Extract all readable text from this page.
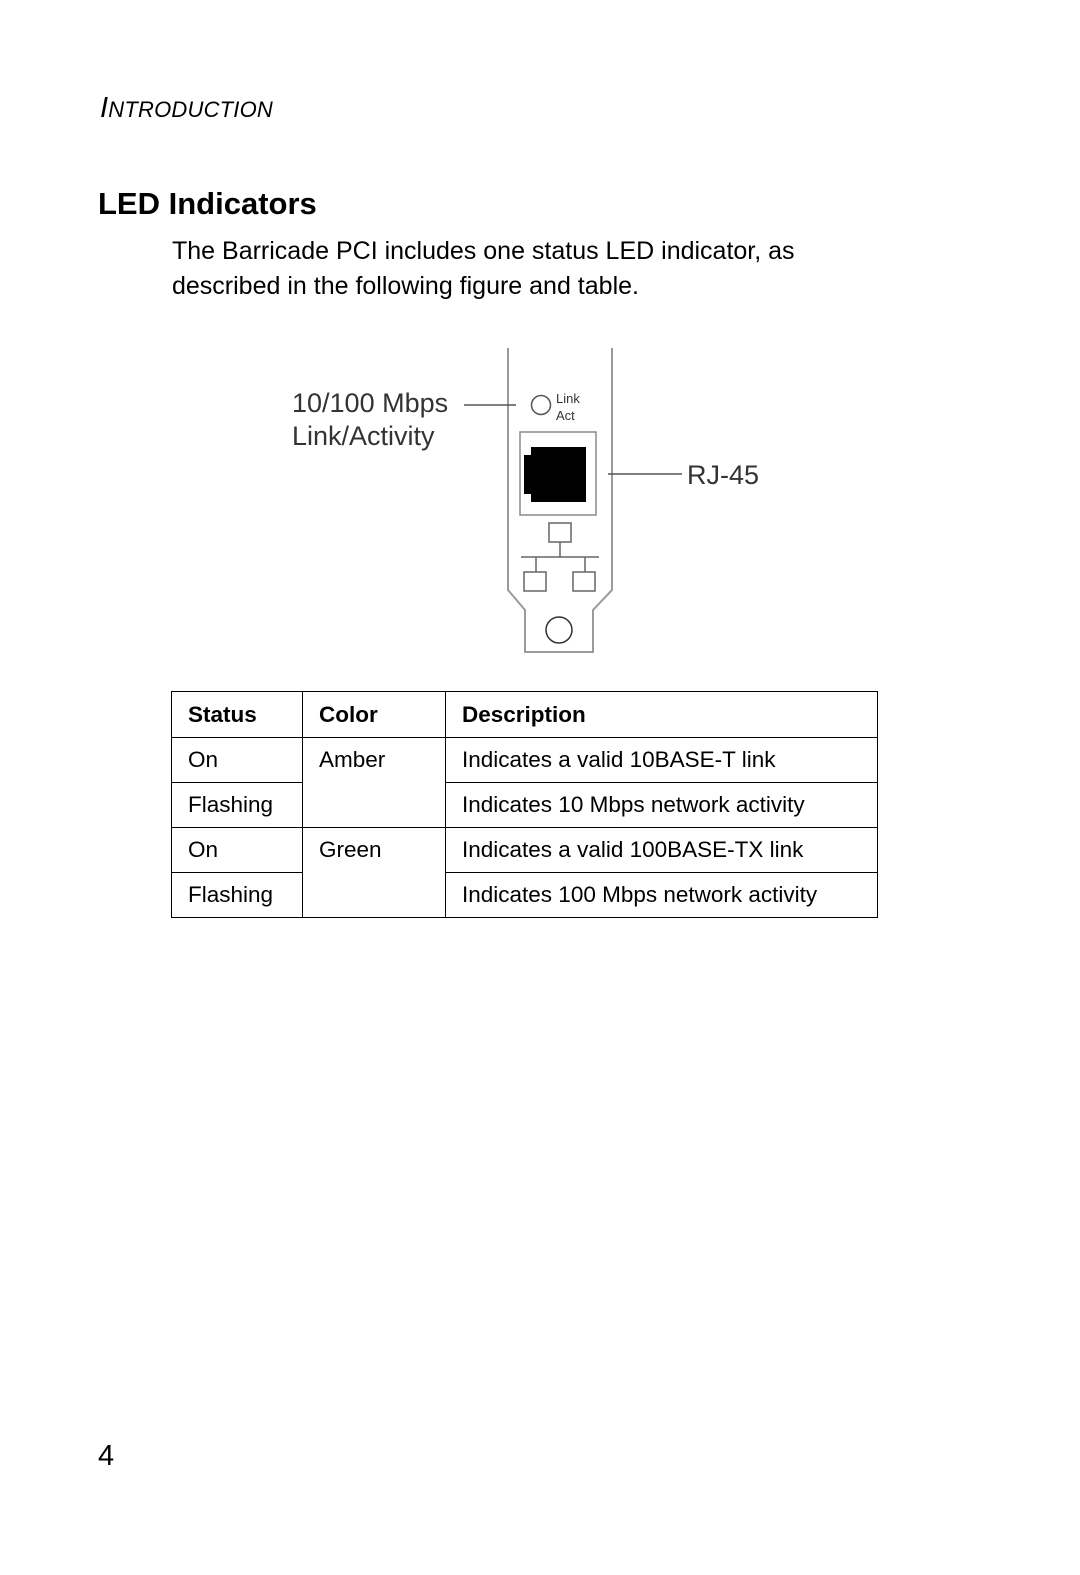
INTRODUCTION
LED Indicators

The Barricade PCI includes one status LED indicator, as described in the following figure and table.

Link
Act
10/100 Mbps
Link/Activity
RJ-45
Status	Color	Description
On	Amber	Indicates a valid 10BASE-T link
Flashing		Indicates 10 Mbps network activity
On	Green	Indicates a valid 100BASE-TX link
Flashing		Indicates 100 Mbps network activity
4
